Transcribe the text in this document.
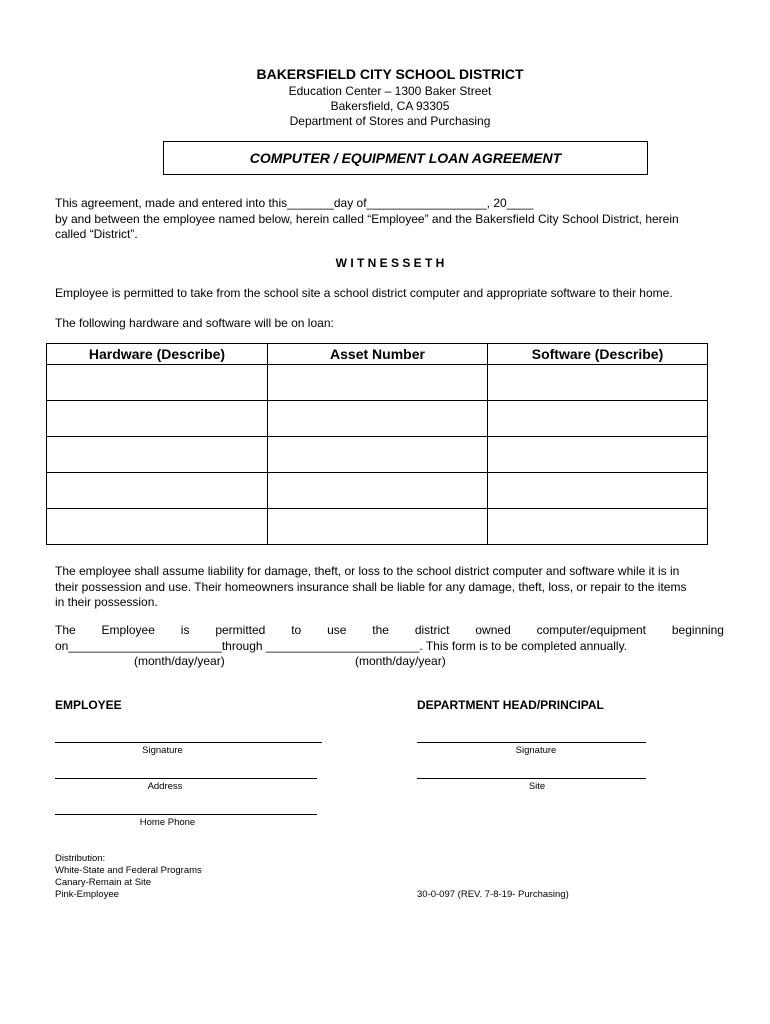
BAKERSFIELD CITY SCHOOL DISTRICT
Education Center – 1300 Baker Street
Bakersfield, CA 93305
Department of Stores and Purchasing
COMPUTER / EQUIPMENT LOAN AGREEMENT
This agreement, made and entered into this_______day of__________________, 20____
by and between the employee named below, herein called “Employee” and the Bakersfield City School District, herein
called “District”.
W I T N E S S E T H
Employee is permitted to take from the school site a school district computer and appropriate software to their home.
The following hardware and software will be on loan:
Hardware (Describe)	Asset Number	Software (Describe)

The employee shall assume liability for damage, theft, or loss to the school district computer and software while it is in
their possession and use. Their homeowners insurance shall be liable for any damage, theft, loss, or repair to the items
in their possession.
The Employee is permitted to use the district owned computer/equipment beginning
on_______________________through _______________________. This form is to be completed annually.
(month/day/year)	(month/day/year)
EMPLOYEE	DEPARTMENT HEAD/PRINCIPAL
Signature
Address
Home Phone
Signature
Site
Distribution:
White-State and Federal Programs
Canary-Remain at Site
Pink-Employee	30-0-097 (REV. 7-8-19- Purchasing)
